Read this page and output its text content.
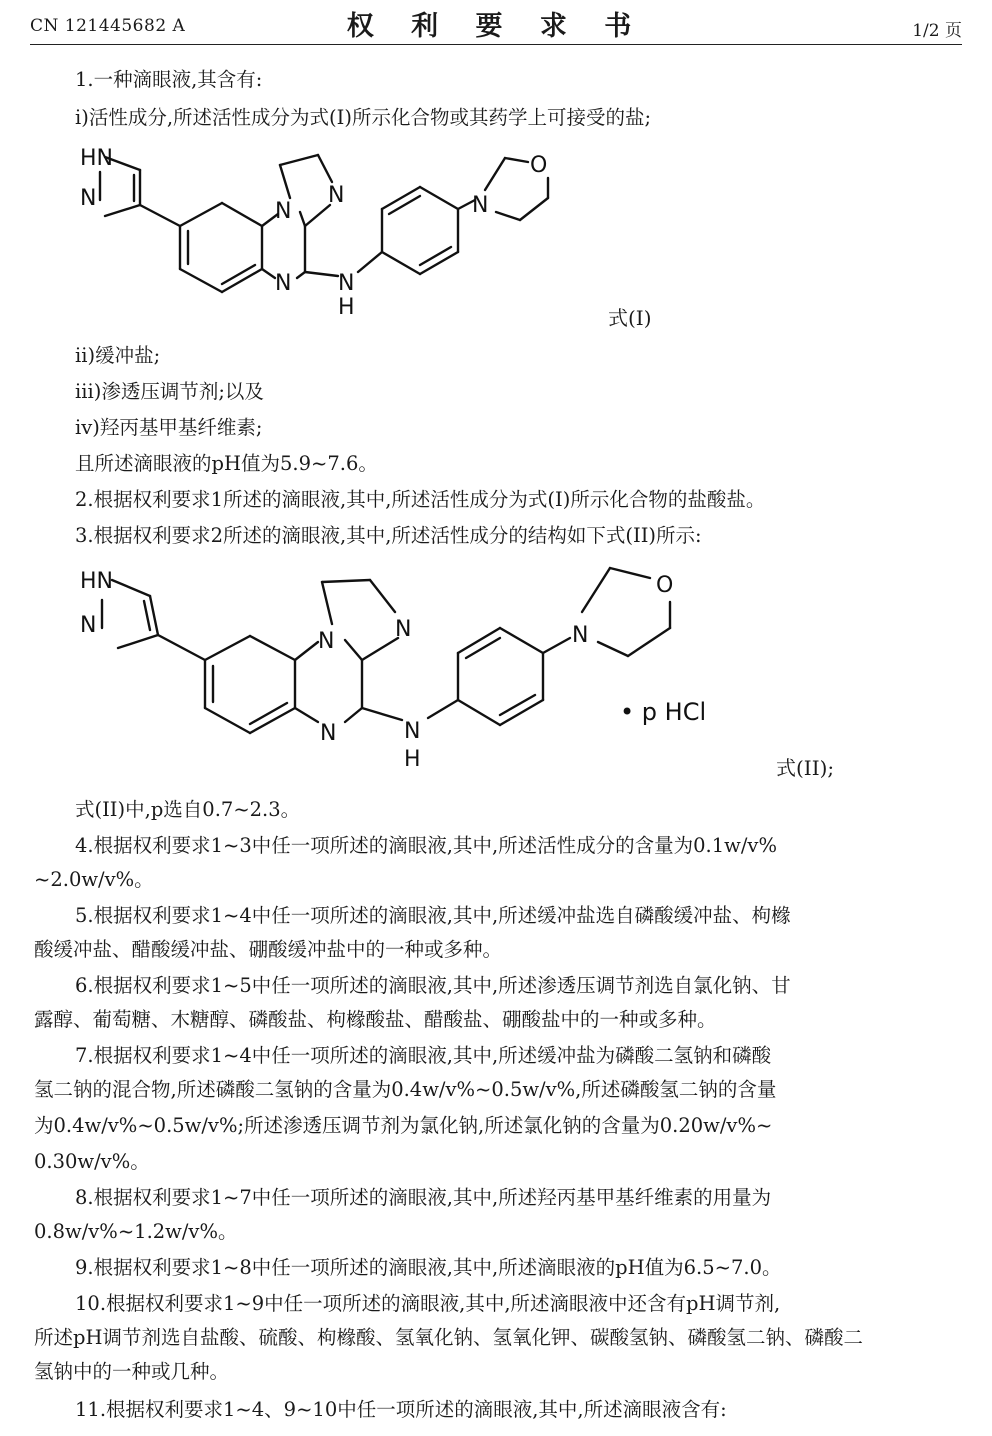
CN 121445682 A	权 利 要 求 书	1/2 页
1.一种滴眼液,其含有:
i)活性成分,所述活性成分为式(I)所示化合物或其药学上可接受的盐;
HN
N
N
N
N
N
H
N
O
HN
N
N
N
N
N
H
N
O
• p HCl
式(I)
ii)缓冲盐;
iii)渗透压调节剂;以及
iv)羟丙基甲基纤维素;
且所述滴眼液的pH值为5.9~7.6。
2.根据权利要求1所述的滴眼液,其中,所述活性成分为式(I)所示化合物的盐酸盐。
3.根据权利要求2所述的滴眼液,其中,所述活性成分的结构如下式(II)所示:
式(II);
式(II)中,p选自0.7~2.3。
4.根据权利要求1~3中任一项所述的滴眼液,其中,所述活性成分的含量为0.1w/v%
~2.0w/v%。
5.根据权利要求1~4中任一项所述的滴眼液,其中,所述缓冲盐选自磷酸缓冲盐、枸橼
酸缓冲盐、醋酸缓冲盐、硼酸缓冲盐中的一种或多种。
6.根据权利要求1~5中任一项所述的滴眼液,其中,所述渗透压调节剂选自氯化钠、甘
露醇、葡萄糖、木糖醇、磷酸盐、枸橼酸盐、醋酸盐、硼酸盐中的一种或多种。
7.根据权利要求1~4中任一项所述的滴眼液,其中,所述缓冲盐为磷酸二氢钠和磷酸
氢二钠的混合物,所述磷酸二氢钠的含量为0.4w/v%~0.5w/v%,所述磷酸氢二钠的含量
为0.4w/v%~0.5w/v%;所述渗透压调节剂为氯化钠,所述氯化钠的含量为0.20w/v%~
0.30w/v%。
8.根据权利要求1~7中任一项所述的滴眼液,其中,所述羟丙基甲基纤维素的用量为
0.8w/v%~1.2w/v%。
9.根据权利要求1~8中任一项所述的滴眼液,其中,所述滴眼液的pH值为6.5~7.0。
10.根据权利要求1~9中任一项所述的滴眼液,其中,所述滴眼液中还含有pH调节剂,
所述pH调节剂选自盐酸、硫酸、枸橼酸、氢氧化钠、氢氧化钾、碳酸氢钠、磷酸氢二钠、磷酸二
氢钠中的一种或几种。
11.根据权利要求1~4、9~10中任一项所述的滴眼液,其中,所述滴眼液含有:
